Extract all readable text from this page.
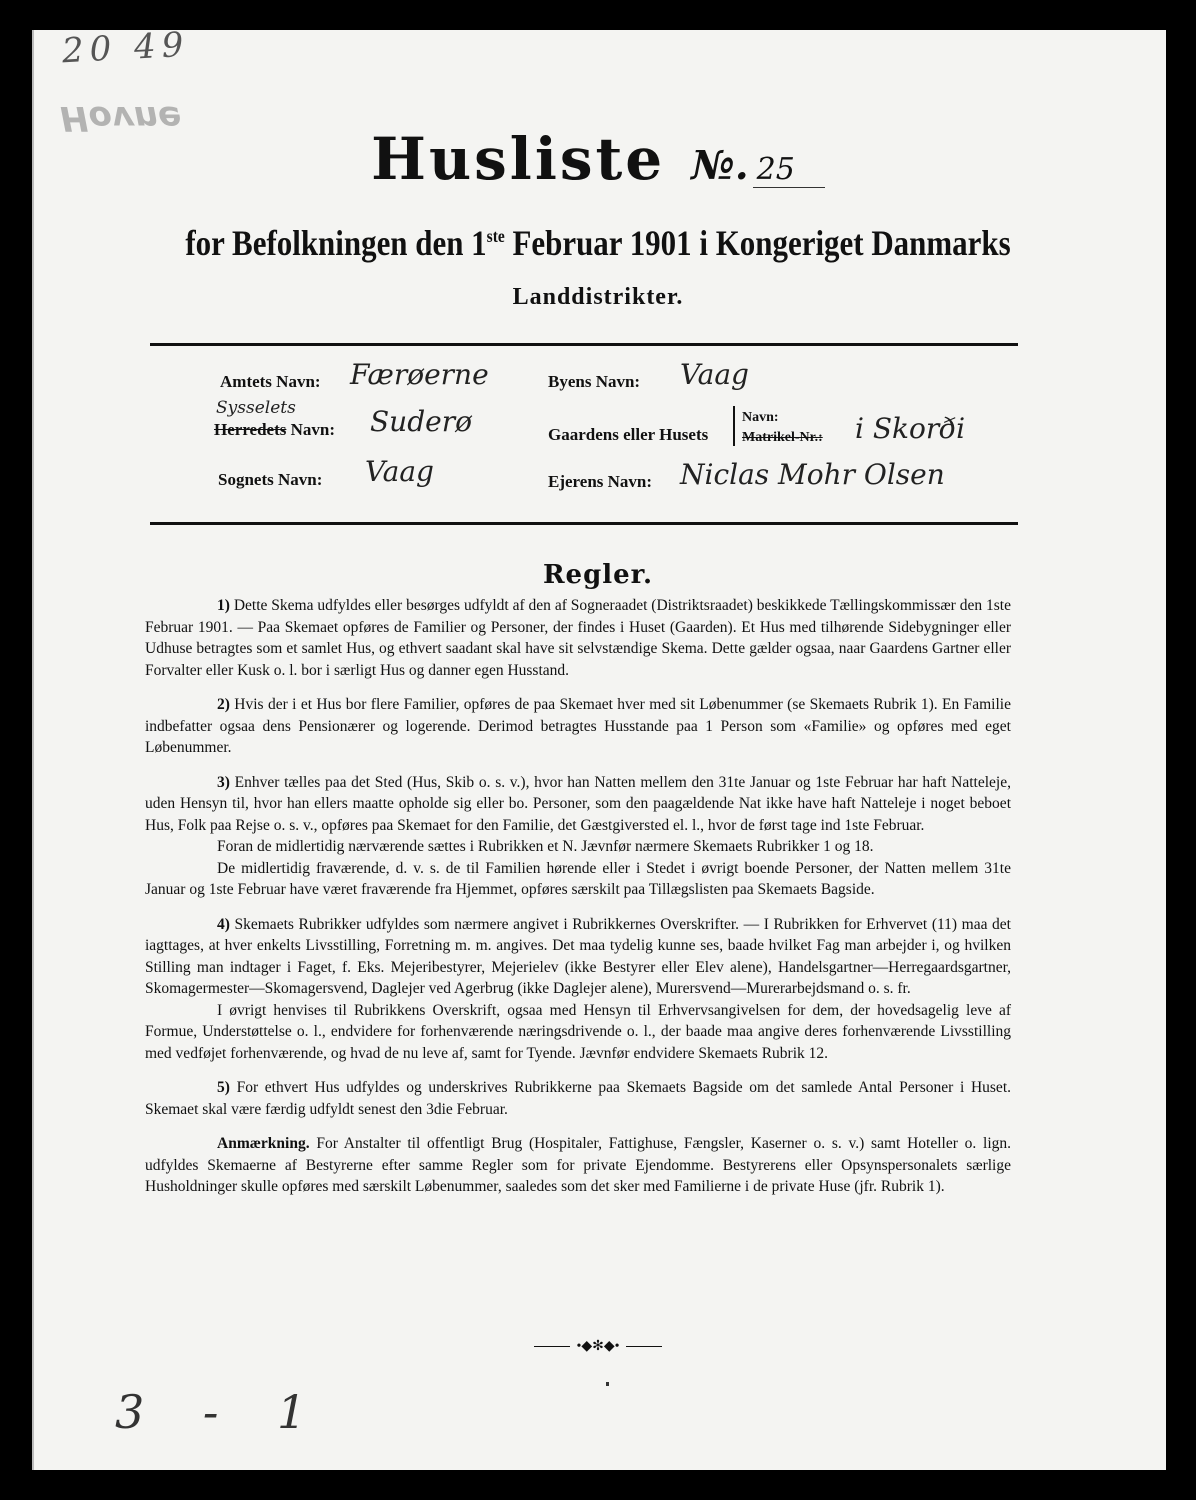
20 49
Hovne
Husliste №. 25
for Befolkningen den 1ste Februar 1901 i Kongeriget Danmarks
Landdistrikter.
Amtets Navn: Færøerne
Sysselets
Herredets Navn: Suderø
Sognets Navn: Vaag
Byens Navn: Vaag
Gaardens eller Husets
Navn:
Matrikel-Nr.: i Skorði
Ejerens Navn: Niclas Mohr Olsen
Regler.

1) Dette Skema udfyldes eller besørges udfyldt af den af Sogneraadet (Distriktsraadet) beskikkede Tællingskommissær den 1ste Februar 1901. — Paa Skemaet opføres de Familier og Personer, der findes i Huset (Gaarden). Et Hus med tilhørende Sidebygninger eller Udhuse betragtes som et samlet Hus, og ethvert saadant skal have sit selvstændige Skema. Dette gælder ogsaa, naar Gaardens Gartner eller Forvalter eller Kusk o. l. bor i særligt Hus og danner egen Husstand.

2) Hvis der i et Hus bor flere Familier, opføres de paa Skemaet hver med sit Løbenummer (se Skemaets Rubrik 1). En Familie indbefatter ogsaa dens Pensionærer og logerende. Derimod betragtes Husstande paa 1 Person som «Familie» og opføres med eget Løbenummer.

3) Enhver tælles paa det Sted (Hus, Skib o. s. v.), hvor han Natten mellem den 31te Januar og 1ste Februar har haft Natteleje, uden Hensyn til, hvor han ellers maatte opholde sig eller bo. Personer, som den paagældende Nat ikke have haft Natteleje i noget beboet Hus, Folk paa Rejse o. s. v., opføres paa Skemaet for den Familie, det Gæstgiversted el. l., hvor de først tage ind 1ste Februar.

Foran de midlertidig nærværende sættes i Rubrikken et N. Jævnfør nærmere Skemaets Rubrikker 1 og 18.

De midlertidig fraværende, d. v. s. de til Familien hørende eller i Stedet i øvrigt boende Personer, der Natten mellem 31te Januar og 1ste Februar have været fraværende fra Hjemmet, opføres særskilt paa Tillægslisten paa Skemaets Bagside.

4) Skemaets Rubrikker udfyldes som nærmere angivet i Rubrikkernes Overskrifter. — I Rubrikken for Erhvervet (11) maa det iagttages, at hver enkelts Livsstilling, Forretning m. m. angives. Det maa tydelig kunne ses, baade hvilket Fag man arbejder i, og hvilken Stilling man indtager i Faget, f. Eks. Mejeribestyrer, Mejerielev (ikke Bestyrer eller Elev alene), Handelsgartner—Herregaardsgartner, Skomagermester—Skomagersvend, Daglejer ved Agerbrug (ikke Daglejer alene), Murersvend—Murerarbejdsmand o. s. fr.

I øvrigt henvises til Rubrikkens Overskrift, ogsaa med Hensyn til Erhvervsangivelsen for dem, der hovedsagelig leve af Formue, Understøttelse o. l., endvidere for forhenværende næringsdrivende o. l., der baade maa angive deres forhenværende Livsstilling med vedføjet forhenværende, og hvad de nu leve af, samt for Tyende. Jævnfør endvidere Skemaets Rubrik 12.

5) For ethvert Hus udfyldes og underskrives Rubrikkerne paa Skemaets Bagside om det samlede Antal Personer i Huset. Skemaet skal være færdig udfyldt senest den 3die Februar.

Anmærkning. For Anstalter til offentligt Brug (Hospitaler, Fattighuse, Fængsler, Kaserner o. s. v.) samt Hoteller o. lign. udfyldes Skemaerne af Bestyrerne efter samme Regler som for private Ejendomme. Bestyrerens eller Opsynspersonalets særlige Husholdninger skulle opføres med særskilt Løbenummer, saaledes som det sker med Familierne i de private Huse (jfr. Rubrik 1).

•◆✻◆•
3 - 1
